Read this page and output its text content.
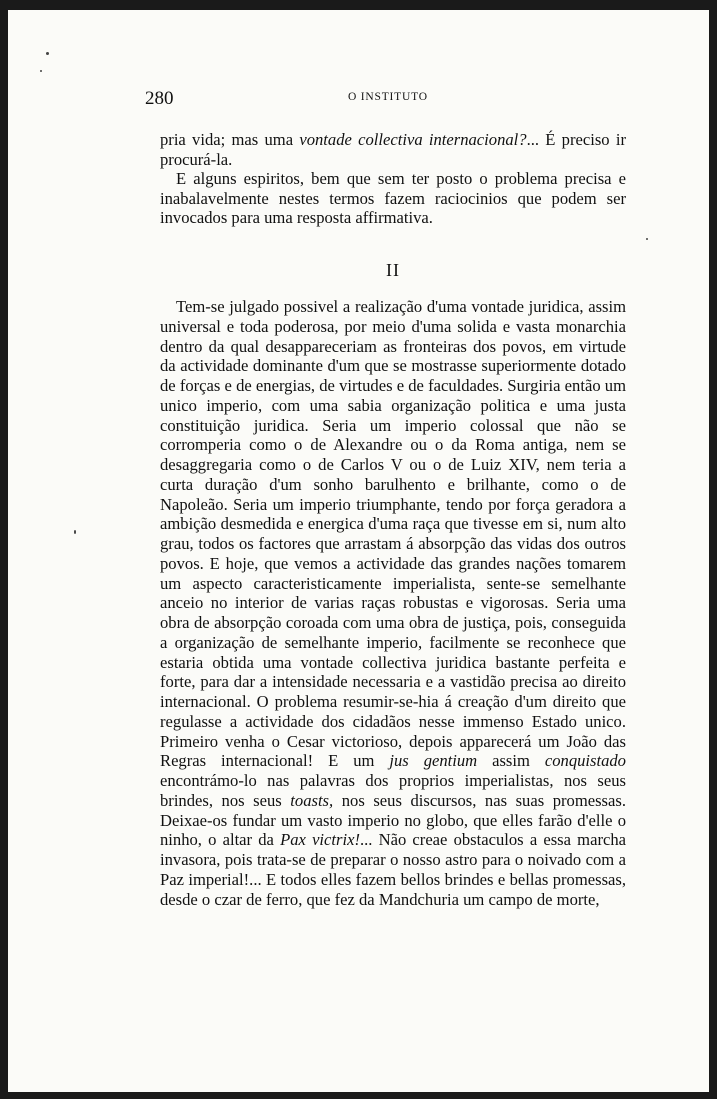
280	O INSTITUTO

pria vida; mas uma vontade collectiva internacional?... É preciso ir procurá-la.

E alguns espiritos, bem que sem ter posto o problema precisa e inabalavelmente nestes termos fazem raciocinios que podem ser invocados para uma resposta affirmativa.

II

Tem-se julgado possivel a realização d'uma vontade juridica, assim universal e toda poderosa, por meio d'uma solida e vasta monarchia dentro da qual desappareceriam as fronteiras dos povos, em virtude da actividade dominante d'um que se mostrasse superiormente dotado de forças e de energias, de virtudes e de faculdades. Surgiria então um unico imperio, com uma sabia organização politica e uma justa constituição juridica. Seria um imperio colossal que não se corromperia como o de Alexandre ou o da Roma antiga, nem se desaggregaria como o de Carlos V ou o de Luiz XIV, nem teria a curta duração d'um sonho barulhento e brilhante, como o de Napoleão. Seria um imperio triumphante, tendo por força geradora a ambição desmedida e energica d'uma raça que tivesse em si, num alto grau, todos os factores que arrastam á absorpção das vidas dos outros povos. E hoje, que vemos a actividade das grandes nações tomarem um aspecto caracteristicamente imperialista, sente-se semelhante anceio no interior de varias raças robustas e vigorosas. Seria uma obra de absorpção coroada com uma obra de justiça, pois, conseguida a organização de semelhante imperio, facilmente se reconhece que estaria obtida uma vontade collectiva juridica bastante perfeita e forte, para dar a intensidade necessaria e a vastidão precisa ao direito internacional. O problema resumir-se-hia á creação d'um direito que regulasse a actividade dos cidadãos nesse immenso Estado unico. Primeiro venha o Cesar victorioso, depois apparecerá um João das Regras internacional! E um jus gentium assim conquistado encontrámo-lo nas palavras dos proprios imperialistas, nos seus brindes, nos seus toasts, nos seus discursos, nas suas promessas. Deixae-os fundar um vasto imperio no globo, que elles farão d'elle o ninho, o altar da Pax victrix!... Não creae obstaculos a essa marcha invasora, pois trata-se de preparar o nosso astro para o noivado com a Paz imperial!... E todos elles fazem bellos brindes e bellas promessas, desde o czar de ferro, que fez da Mandchuria um campo de morte,
